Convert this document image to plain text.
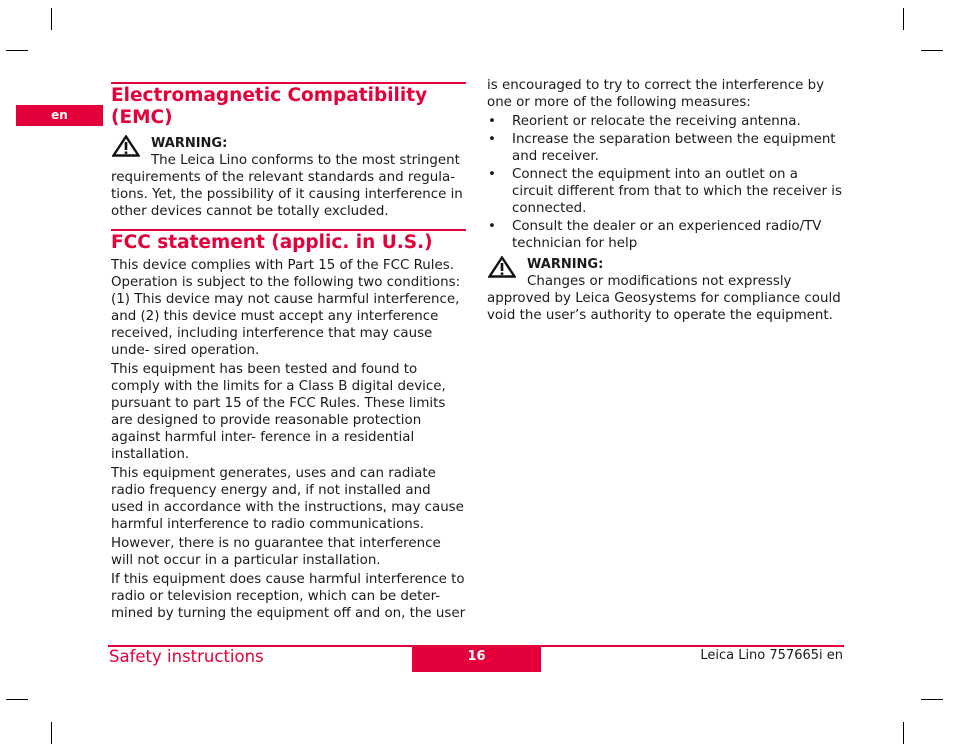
en
Electromagnetic Compatibility
(EMC)
WARNING:
The Leica Lino conforms to the most stringent

requirements of the relevant standards and regula- tions. Yet, the possibility of it causing interference in other devices cannot be totally excluded.

FCC statement (applic. in U.S.)

This device complies with Part 15 of the FCC Rules. Operation is subject to the following two conditions: (1) This device may not cause harmful interference, and (2) this device must accept any interference received, including interference that may cause unde- sired operation.

This equipment has been tested and found to comply with the limits for a Class B digital device, pursuant to part 15 of the FCC Rules. These limits are designed to provide reasonable protection against harmful inter- ference in a residential installation.

This equipment generates, uses and can radiate radio frequency energy and, if not installed and used in accordance with the instructions, may cause harmful interference to radio communications.

However, there is no guarantee that interference will not occur in a particular installation.

If this equipment does cause harmful interference to radio or television reception, which can be deter- mined by turning the equipment off and on, the user

is encouraged to try to correct the interference by one or more of the following measures:

• Reorient or relocate the receiving antenna.
• Increase the separation between the equipment and receiver.
• Connect the equipment into an outlet on a circuit different from that to which the receiver is connected.
• Consult the dealer or an experienced radio/TV technician for help
WARNING:
Changes or modifications not expressly

approved by Leica Geosystems for compliance could void the user’s authority to operate the equipment.

Safety instructions	16	Leica Lino 757665i en
